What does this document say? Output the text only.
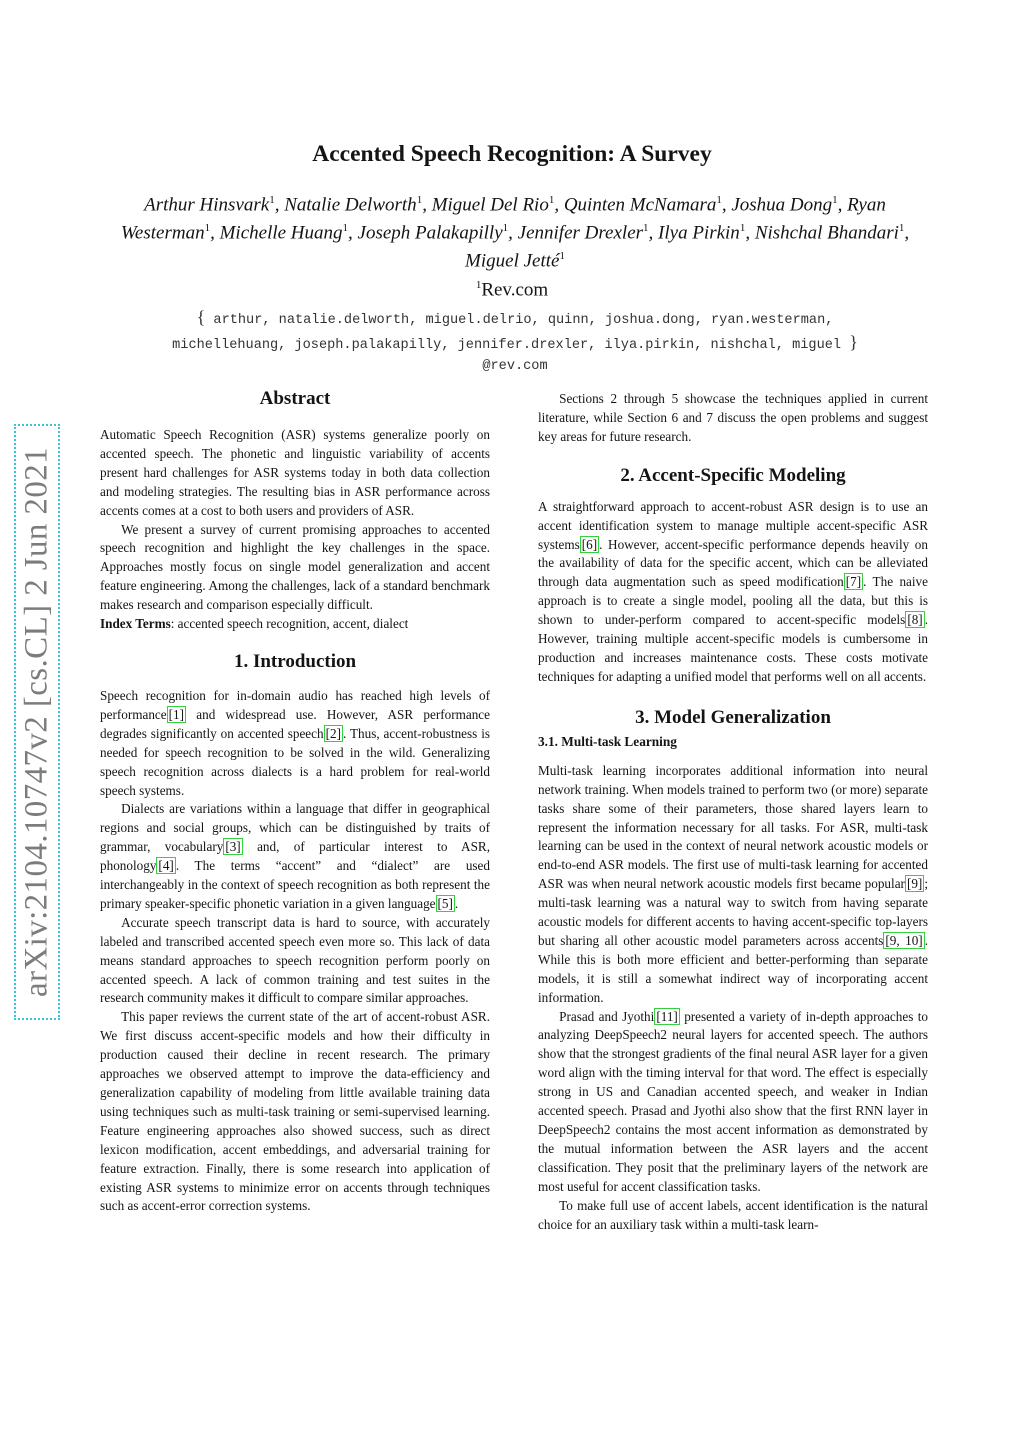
arXiv:2104.10747v2 [cs.CL] 2 Jun 2021
Accented Speech Recognition: A Survey

Arthur Hinsvark$^1$, Natalie Delworth$^1$, Miguel Del Rio$^1$, Quinten McNamara$^1$, Joshua Dong$^1$, Ryan Westerman$^1$, Michelle Huang$^1$, Joseph Palakapilly$^1$, Jennifer Drexler$^1$, Ilya Pirkin$^1$, Nishchal Bhandari$^1$, Miguel Jetté$^1$

$^1$Rev.com

{ arthur, natalie.delworth, miguel.delrio, quinn, joshua.dong, ryan.westerman,
michellehuang, joseph.palakapilly, jennifer.drexler, ilya.pirkin, nishchal, miguel }
@rev.com

Abstract

Automatic Speech Recognition (ASR) systems generalize poorly on accented speech. The phonetic and linguistic variability of accents present hard challenges for ASR systems today in both data collection and modeling strategies. The resulting bias in ASR performance across accents comes at a cost to both users and providers of ASR.

We present a survey of current promising approaches to accented speech recognition and highlight the key challenges in the space. Approaches mostly focus on single model generalization and accent feature engineering. Among the challenges, lack of a standard benchmark makes research and comparison especially difficult.

Index Terms: accented speech recognition, accent, dialect

1. Introduction

Speech recognition for in-domain audio has reached high levels of performance [1] and widespread use. However, ASR performance degrades significantly on accented speech [2] . Thus, accent-robustness is needed for speech recognition to be solved in the wild. Generalizing speech recognition across dialects is a hard problem for real-world speech systems.

Dialects are variations within a language that differ in geographical regions and social groups, which can be distinguished by traits of grammar, vocabulary [3] and, of particular interest to ASR, phonology [4] . The terms “accent” and “dialect” are used interchangeably in the context of speech recognition as both represent the primary speaker-specific phonetic variation in a given language [5] .

Accurate speech transcript data is hard to source, with accurately labeled and transcribed accented speech even more so. This lack of data means standard approaches to speech recognition perform poorly on accented speech. A lack of common training and test suites in the research community makes it difficult to compare similar approaches.

This paper reviews the current state of the art of accent-robust ASR. We first discuss accent-specific models and how their difficulty in production caused their decline in recent research. The primary approaches we observed attempt to improve the data-efficiency and generalization capability of modeling from little available training data using techniques such as multi-task training or semi-supervised learning. Feature engineering approaches also showed success, such as direct lexicon modification, accent embeddings, and adversarial training for feature extraction. Finally, there is some research into application of existing ASR systems to minimize error on accents through techniques such as accent-error correction systems.

Sections 2 through 5 showcase the techniques applied in current literature, while Section 6 and 7 discuss the open problems and suggest key areas for future research.

2. Accent-Specific Modeling

A straightforward approach to accent-robust ASR design is to use an accent identification system to manage multiple accent-specific ASR systems [6] . However, accent-specific performance depends heavily on the availability of data for the specific accent, which can be alleviated through data augmentation such as speed modification [7] . The naive approach is to create a single model, pooling all the data, but this is shown to under-perform compared to accent-specific models [8] . However, training multiple accent-specific models is cumbersome in production and increases maintenance costs. These costs motivate techniques for adapting a unified model that performs well on all accents.

3. Model Generalization
3.1. Multi-task Learning

Multi-task learning incorporates additional information into neural network training. When models trained to perform two (or more) separate tasks share some of their parameters, those shared layers learn to represent the information necessary for all tasks. For ASR, multi-task learning can be used in the context of neural network acoustic models or end-to-end ASR models. The first use of multi-task learning for accented ASR was when neural network acoustic models first became popular [9] ; multi-task learning was a natural way to switch from having separate acoustic models for different accents to having accent-specific top-layers but sharing all other acoustic model parameters across accents [9, 10] . While this is both more efficient and better-performing than separate models, it is still a somewhat indirect way of incorporating accent information.

Prasad and Jyothi [11] presented a variety of in-depth approaches to analyzing DeepSpeech2 neural layers for accented speech. The authors show that the strongest gradients of the final neural ASR layer for a given word align with the timing interval for that word. The effect is especially strong in US and Canadian accented speech, and weaker in Indian accented speech. Prasad and Jyothi also show that the first RNN layer in DeepSpeech2 contains the most accent information as demonstrated by the mutual information between the ASR layers and the accent classification. They posit that the preliminary layers of the network are most useful for accent classification tasks.

To make full use of accent labels, accent identification is the natural choice for an auxiliary task within a multi-task learn-
